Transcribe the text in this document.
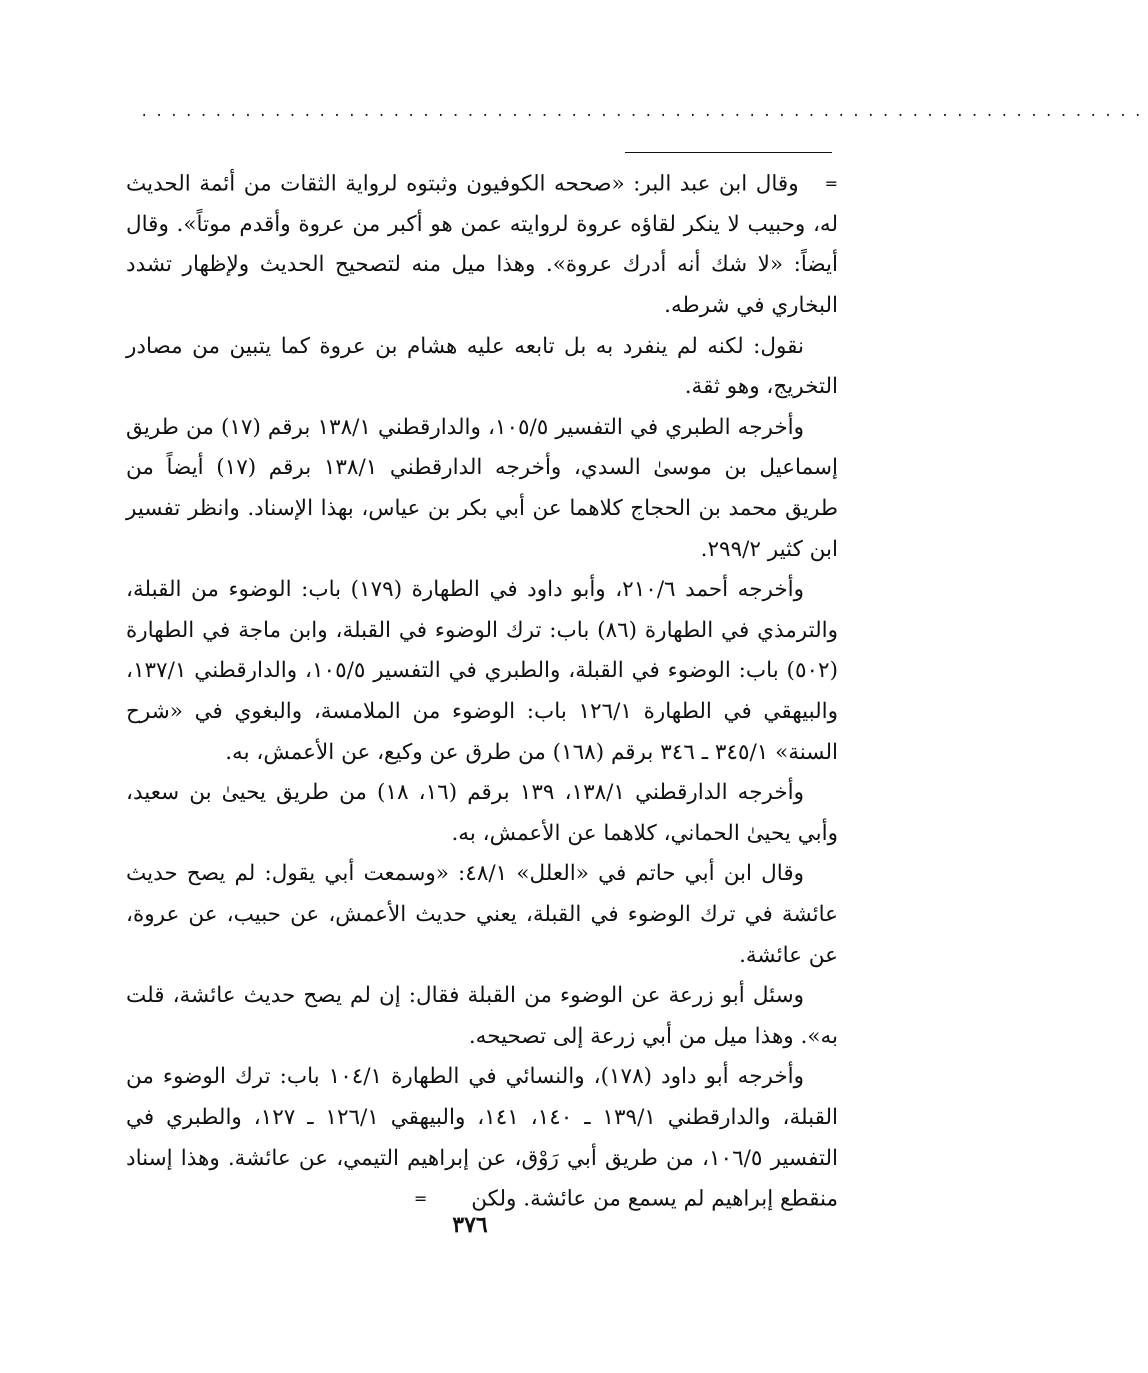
....................................................................

=وقال ابن عبد البر: «صححه الكوفيون وثبتوه لرواية الثقات من أئمة الحديث له، وحبيب لا ينكر لقاؤه عروة لروايته عمن هو أكبر من عروة وأقدم موتاً». وقال أيضاً: «لا شك أنه أدرك عروة». وهذا ميل منه لتصحيح الحديث ولإظهار تشدد البخاري في شرطه.

نقول: لكنه لم ينفرد به بل تابعه عليه هشام بن عروة كما يتبين من مصادر التخريج، وهو ثقة.

وأخرجه الطبري في التفسير ١٠٥/٥، والدارقطني ١٣٨/١ برقم (١٧) من طريق إسماعيل بن موسىٰ السدي، وأخرجه الدارقطني ١٣٨/١ برقم (١٧) أيضاً من طريق محمد بن الحجاج كلاهما عن أبي بكر بن عياس، بهذا الإسناد. وانظر تفسير ابن كثير ٢٩٩/٢.

وأخرجه أحمد ٢١٠/٦، وأبو داود في الطهارة (١٧٩) باب: الوضوء من القبلة، والترمذي في الطهارة (٨٦) باب: ترك الوضوء في القبلة، وابن ماجة في الطهارة (٥٠٢) باب: الوضوء في القبلة، والطبري في التفسير ١٠٥/٥، والدارقطني ١٣٧/١، والبيهقي في الطهارة ١٢٦/١ باب: الوضوء من الملامسة، والبغوي في «شرح السنة» ٣٤٥/١ ـ ٣٤٦ برقم (١٦٨) من طرق عن وكيع، عن الأعمش، به.

وأخرجه الدارقطني ١٣٨/١، ١٣٩ برقم (١٦، ١٨) من طريق يحيىٰ بن سعيد، وأبي يحيىٰ الحماني، كلاهما عن الأعمش، به.

وقال ابن أبي حاتم في «العلل» ٤٨/١: «وسمعت أبي يقول: لم يصح حديث عائشة في ترك الوضوء في القبلة، يعني حديث الأعمش، عن حبيب، عن عروة، عن عائشة.

وسئل أبو زرعة عن الوضوء من القبلة فقال: إن لم يصح حديث عائشة، قلت به». وهذا ميل من أبي زرعة إلى تصحيحه.

وأخرجه أبو داود (١٧٨)، والنسائي في الطهارة ١٠٤/١ باب: ترك الوضوء من القبلة، والدارقطني ١٣٩/١ ـ ١٤٠، ١٤١، والبيهقي ١٢٦/١ ـ ١٢٧، والطبري في التفسير ١٠٦/٥، من طريق أبي رَوْق، عن إبراهيم التيمي، عن عائشة. وهذا إسناد منقطع إبراهيم لم يسمع من عائشة. ولكن=

٣٧٦
